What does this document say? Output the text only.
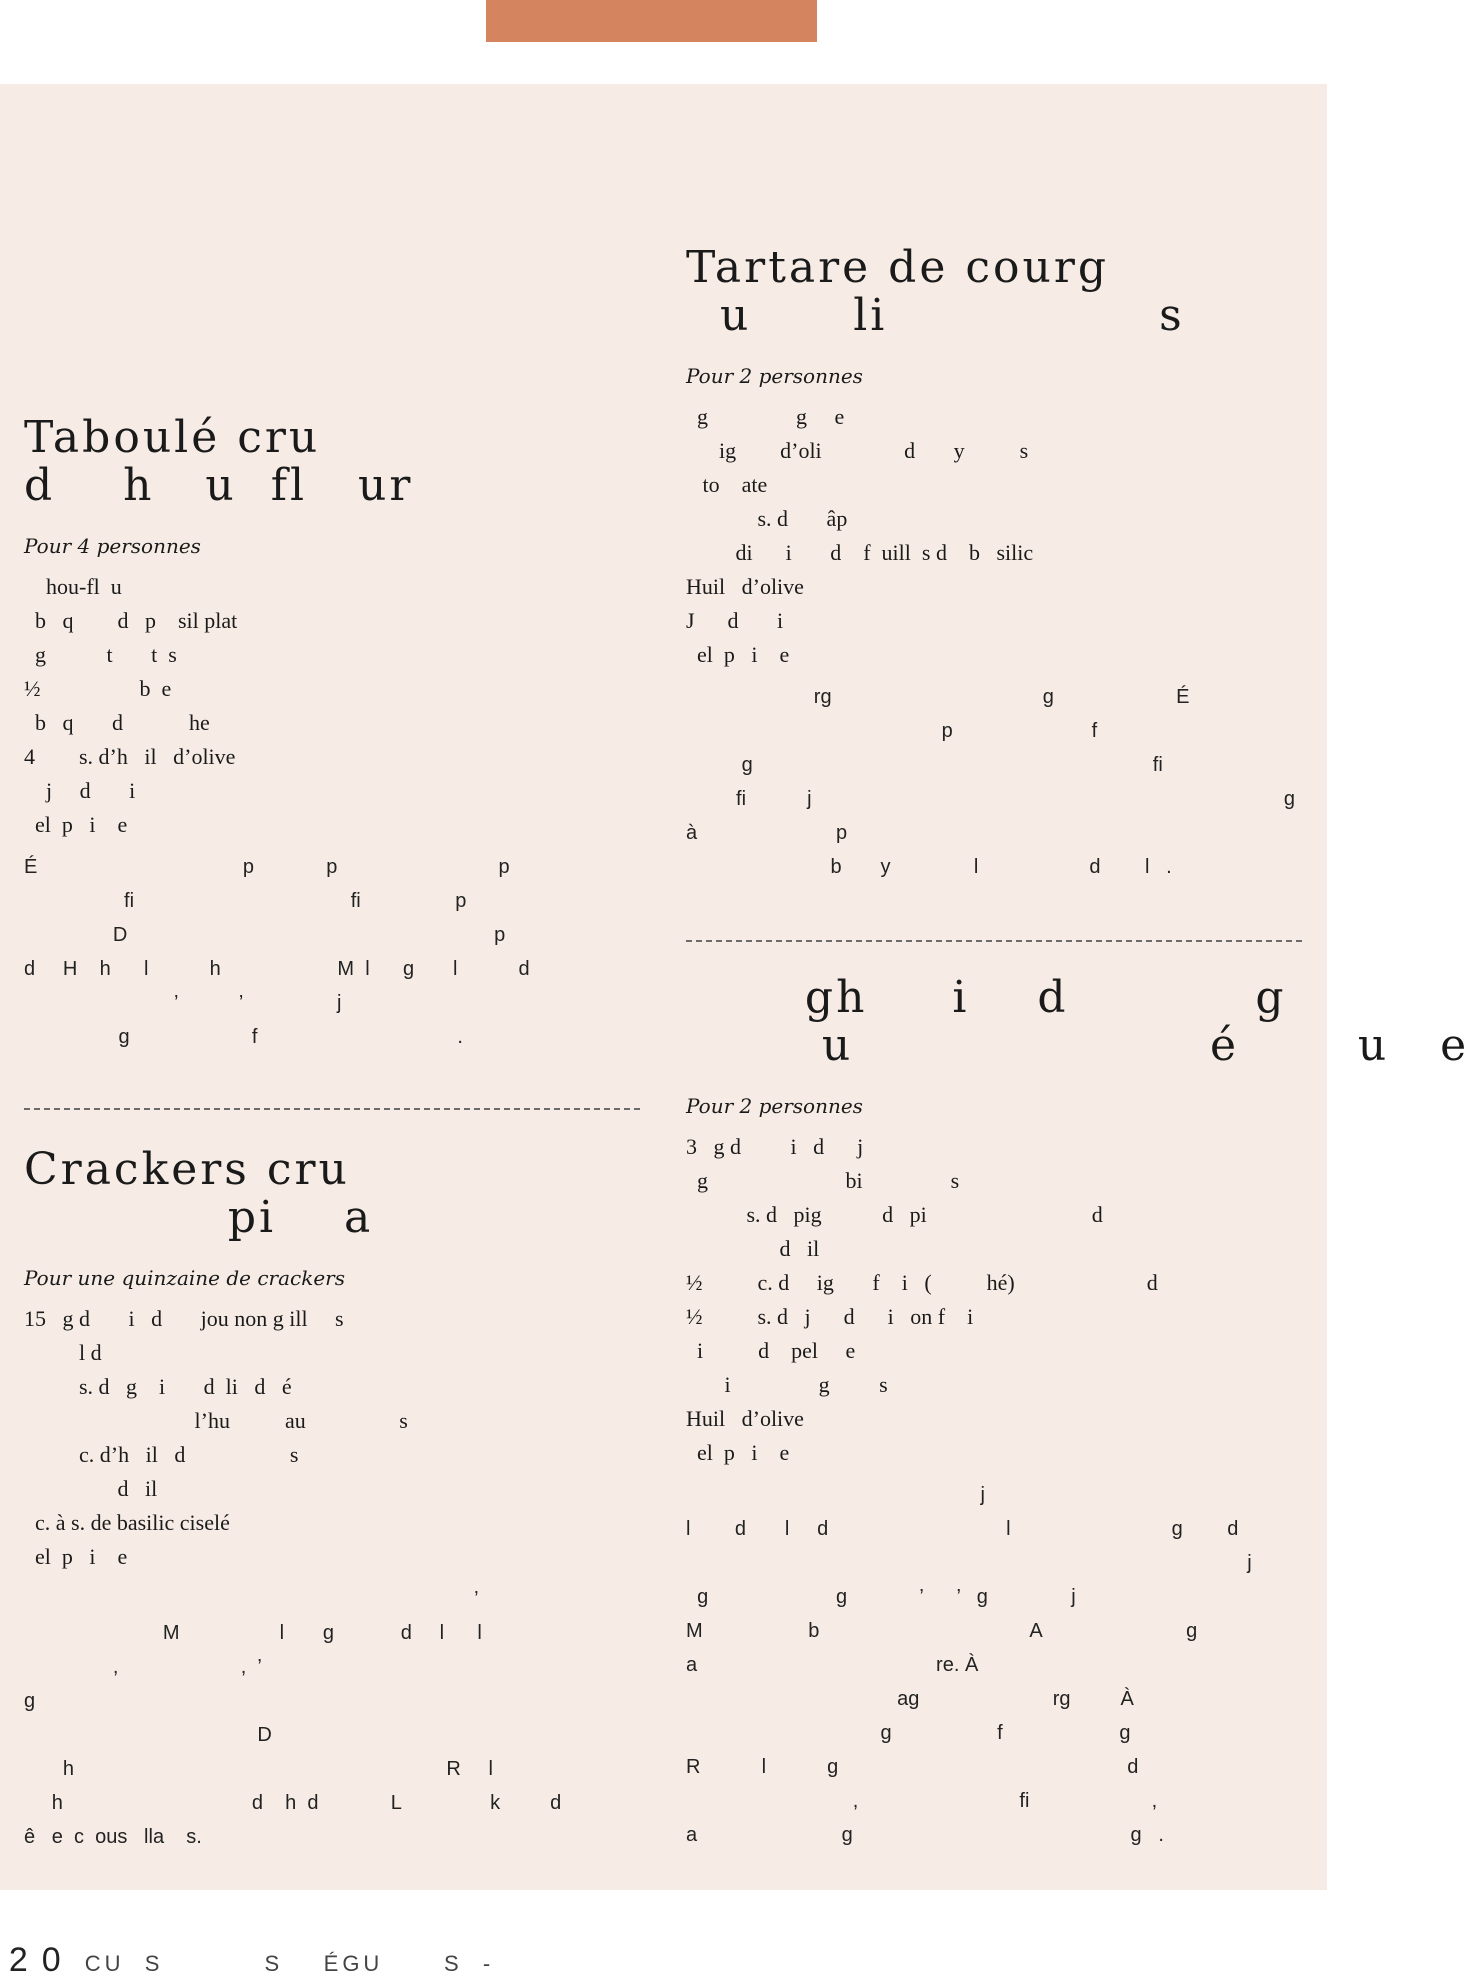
Taboulé cru
d    h   u  fl   ur
Pour 4 personnes
hou-fl  u
b   q        d   p    sil plat
g           t       t  s
½                  b  e
b   q       d            he
4        s. d’h   il   d’olive
j     d       i
el  p   i    e

É                                     p             p                             p

fi                                       fi                 p

D                                                                  p

d     H    h      l           h                     M  l      g       l           d

’           ’                 j

g                      f                                    .

Crackers cru
pi    a
Pour une quinzaine de crackers
15   g d       i   d       jou non g ill     s
l d
s. d   g    i       d  li   d   é
l’hu          au                 s
c. d’h   il   d                   s
d   il
c. à s. de basilic ciselé
el  p   i    e

’

M                  l       g            d     l      l

,                      ,  ’

g

D

h                                                                   R     l

h                                  d    h  d             L                k         d

ê   e  c  ous   lla    s.

Tartare de courg
u      li                s
Pour 2 personnes
g                g     e
ig        d’oli               d       y          s
to    ate
s. d       âp
di      i       d    f  uill  s d    b   silic
Huil   d’olive
J      d       i
el  p   i    e

rg                                      g                      É

p                         f

g                                                                        fi

fi           j                                                                                     g

à                         p

b       y               l                    d        l   .

gh     i    d           g
u                     é       u   e
Pour 2 personnes
3   g d         i   d      j
g                         bi                s
s. d   pig           d   pi                              d
d   il
½          c. d     ig       f    i   (          hé)                        d
½          s. d   j      d      i   on f    i
i          d    pel     e
i                g         s
Huil   d’olive
el  p   i    e

j

l        d       l     d                                l                             g        d

j

g                       g             ’      ’   g               j

M                   b                                      A                          g

a                                           re. À

ag                        rg         À

g                   f                     g

R           l           g                                                    d

,                             fi                      ,

a                          g                                                  g   .

20 CU  S          S    ÉGU      S  -
